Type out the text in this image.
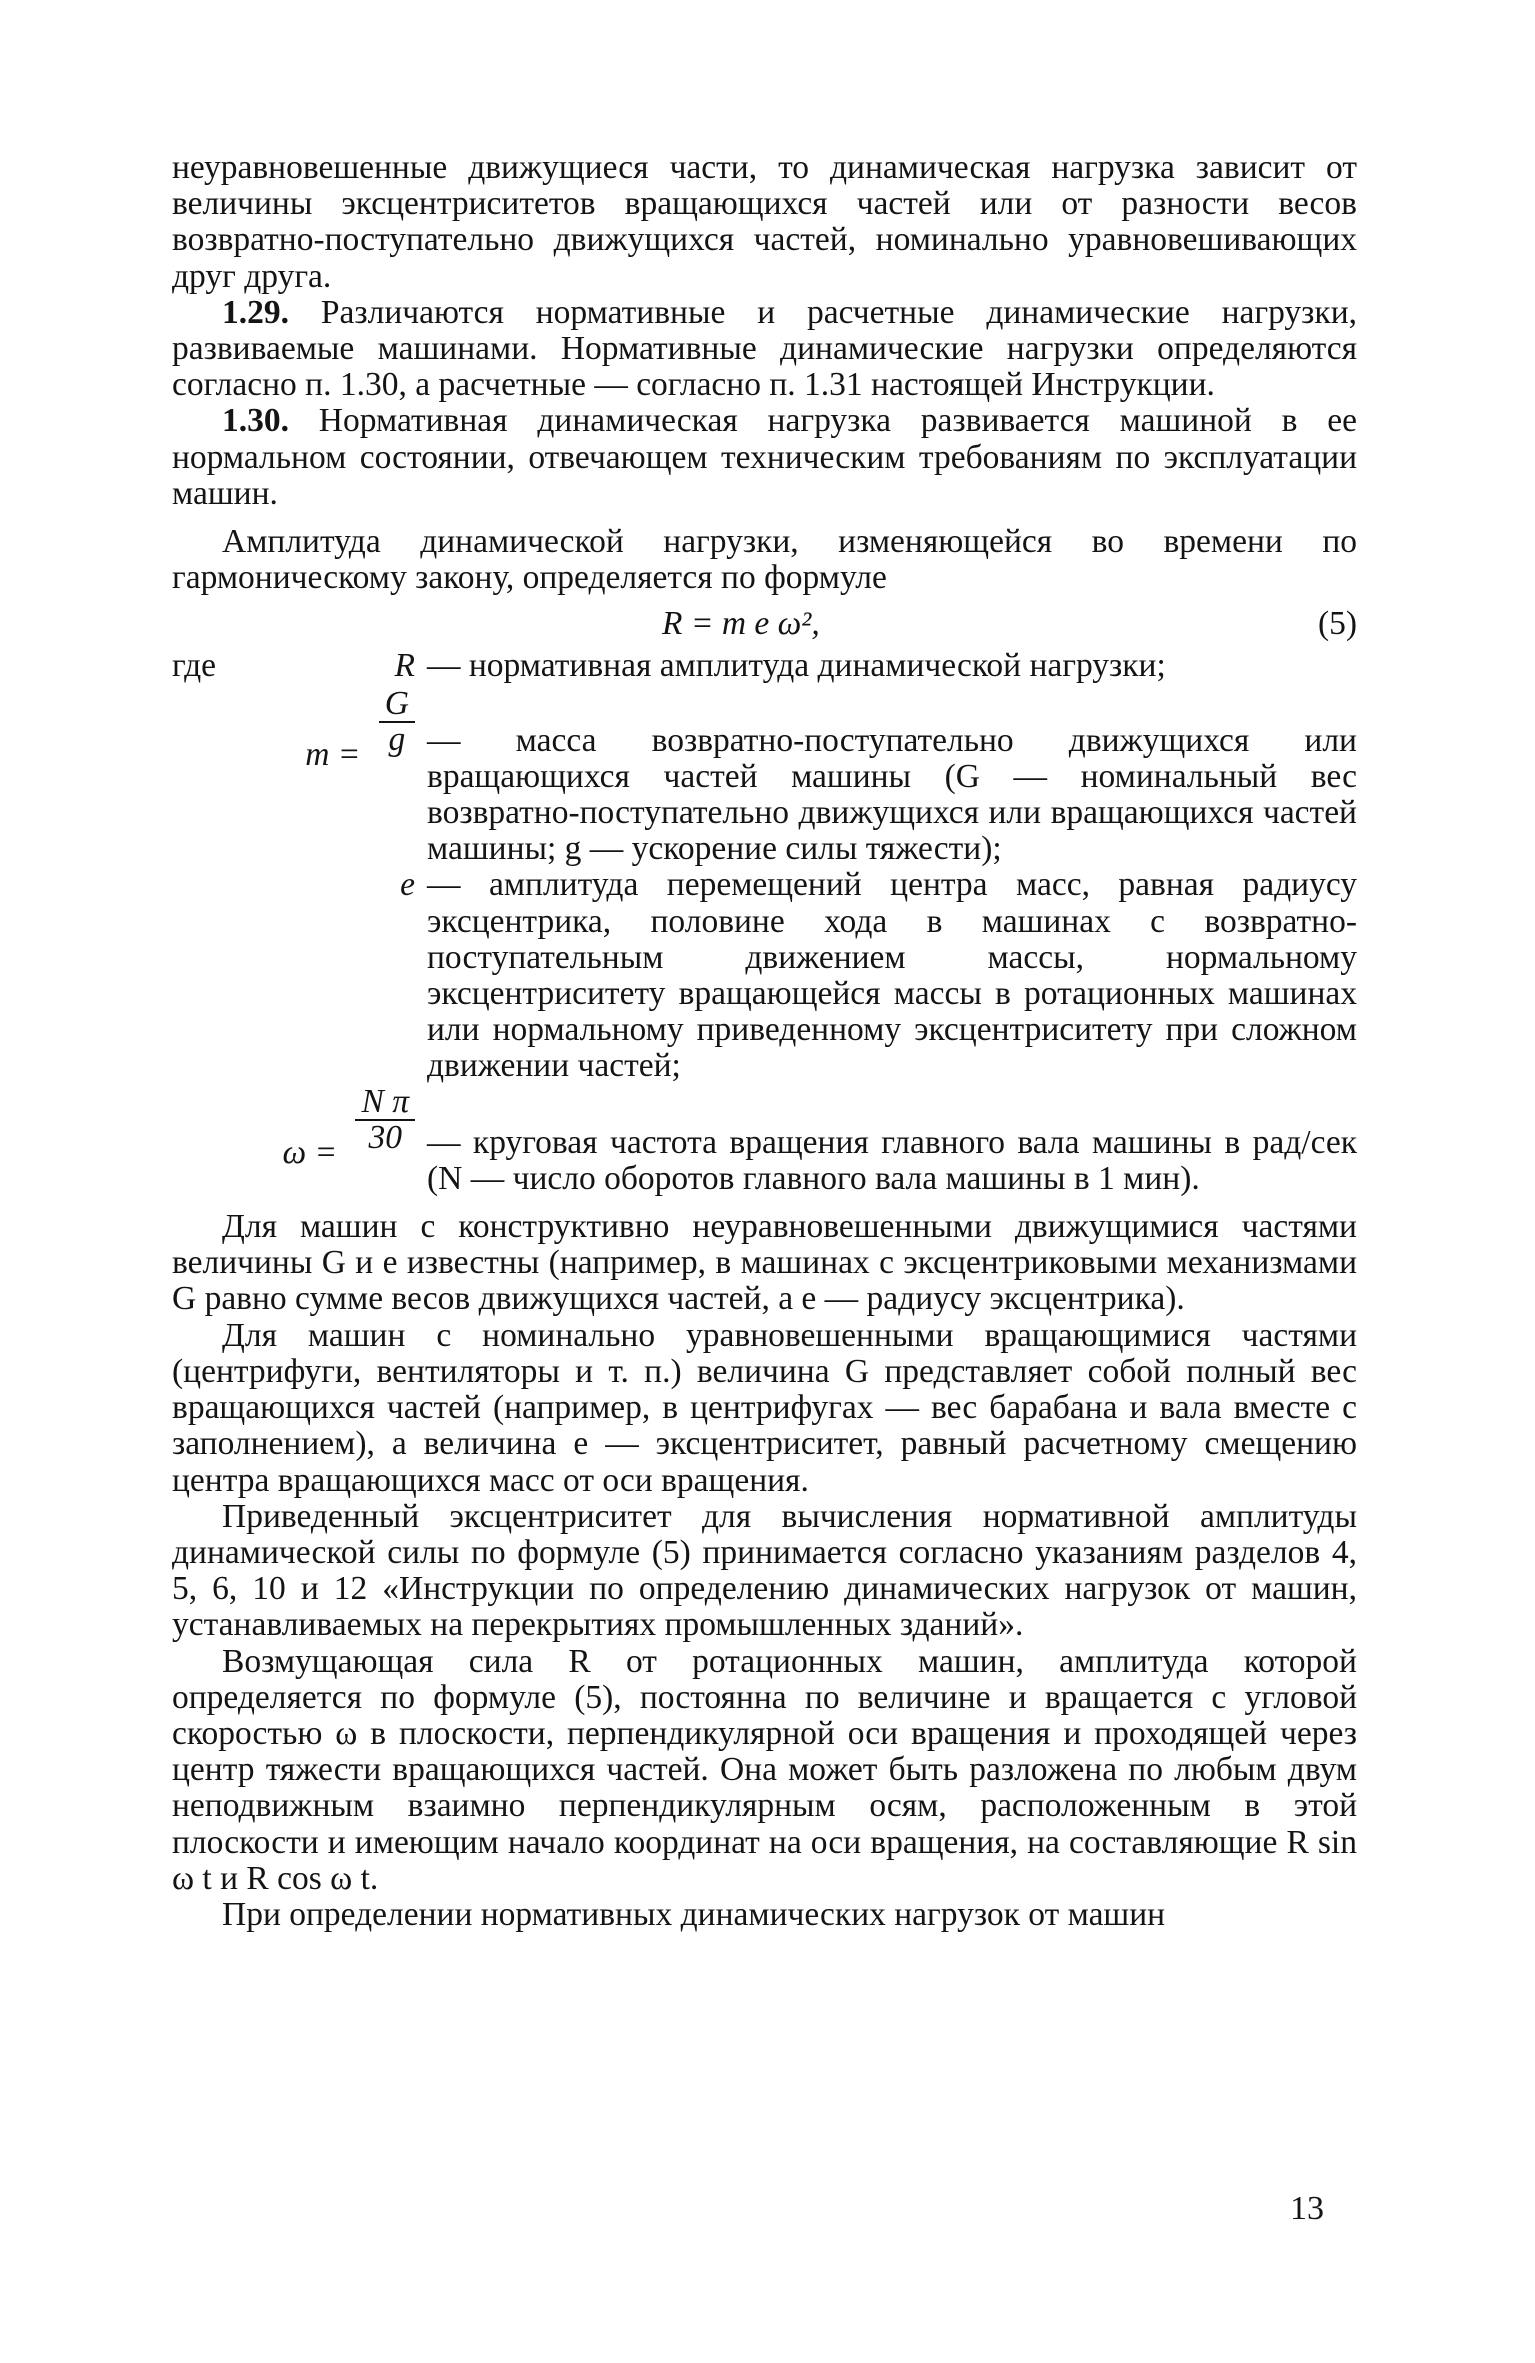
неуравновешенные движущиеся части, то динамическая нагрузка зависит от величины эксцентриситетов вращающихся частей или от разности весов возвратно-поступательно движущихся частей, номинально уравновешивающих друг друга.

1.29. Различаются нормативные и расчетные динамические нагрузки, развиваемые машинами. Нормативные динамические нагрузки определяются согласно п. 1.30, а расчетные — согласно п. 1.31 настоящей Инструкции.

1.30. Нормативная динамическая нагрузка развивается машиной в ее нормальном состоянии, отвечающем техническим требованиям по эксплуатации машин.

Амплитуда динамической нагрузки, изменяющейся во времени по гармоническому закону, определяется по формуле

R = m e ω²,	(5)
где	R — нормативная амплитуда динамической нагрузки;
$m = \frac{G}{g}$ — масса возвратно-поступательно движущихся или вращающихся частей машины (G — номинальный вес возвратно-поступательно движущихся или вращающихся частей машины; g — ускорение силы тяжести);
e — амплитуда перемещений центра масс, равная радиусу эксцентрика, половине хода в машинах с возвратно-поступательным движением массы, нормальному эксцентриситету вращающейся массы в ротационных машинах или нормальному приведенному эксцентриситету при сложном движении частей;
$\omega = \frac{\text{N π}}{30}$ — круговая частота вращения главного вала машины в рад/сек (N — число оборотов главного вала машины в 1 мин).

Для машин с конструктивно неуравновешенными движущимися частями величины G и e известны (например, в машинах с эксцентриковыми механизмами G равно сумме весов движущихся частей, а e — радиусу эксцентрика).

Для машин с номинально уравновешенными вращающимися частями (центрифуги, вентиляторы и т. п.) величина G представляет собой полный вес вращающихся частей (например, в центрифугах — вес барабана и вала вместе с заполнением), а величина e — эксцентриситет, равный расчетному смещению центра вращающихся масс от оси вращения.

Приведенный эксцентриситет для вычисления нормативной амплитуды динамической силы по формуле (5) принимается согласно указаниям разделов 4, 5, 6, 10 и 12 «Инструкции по определению динамических нагрузок от машин, устанавливаемых на перекрытиях промышленных зданий».

Возмущающая сила R от ротационных машин, амплитуда которой определяется по формуле (5), постоянна по величине и вращается с угловой скоростью ω в плоскости, перпендикулярной оси вращения и проходящей через центр тяжести вращающихся частей. Она может быть разложена по любым двум неподвижным взаимно перпендикулярным осям, расположенным в этой плоскости и имеющим начало координат на оси вращения, на составляющие R sin ω t и R cos ω t.

При определении нормативных динамических нагрузок от машин

13
